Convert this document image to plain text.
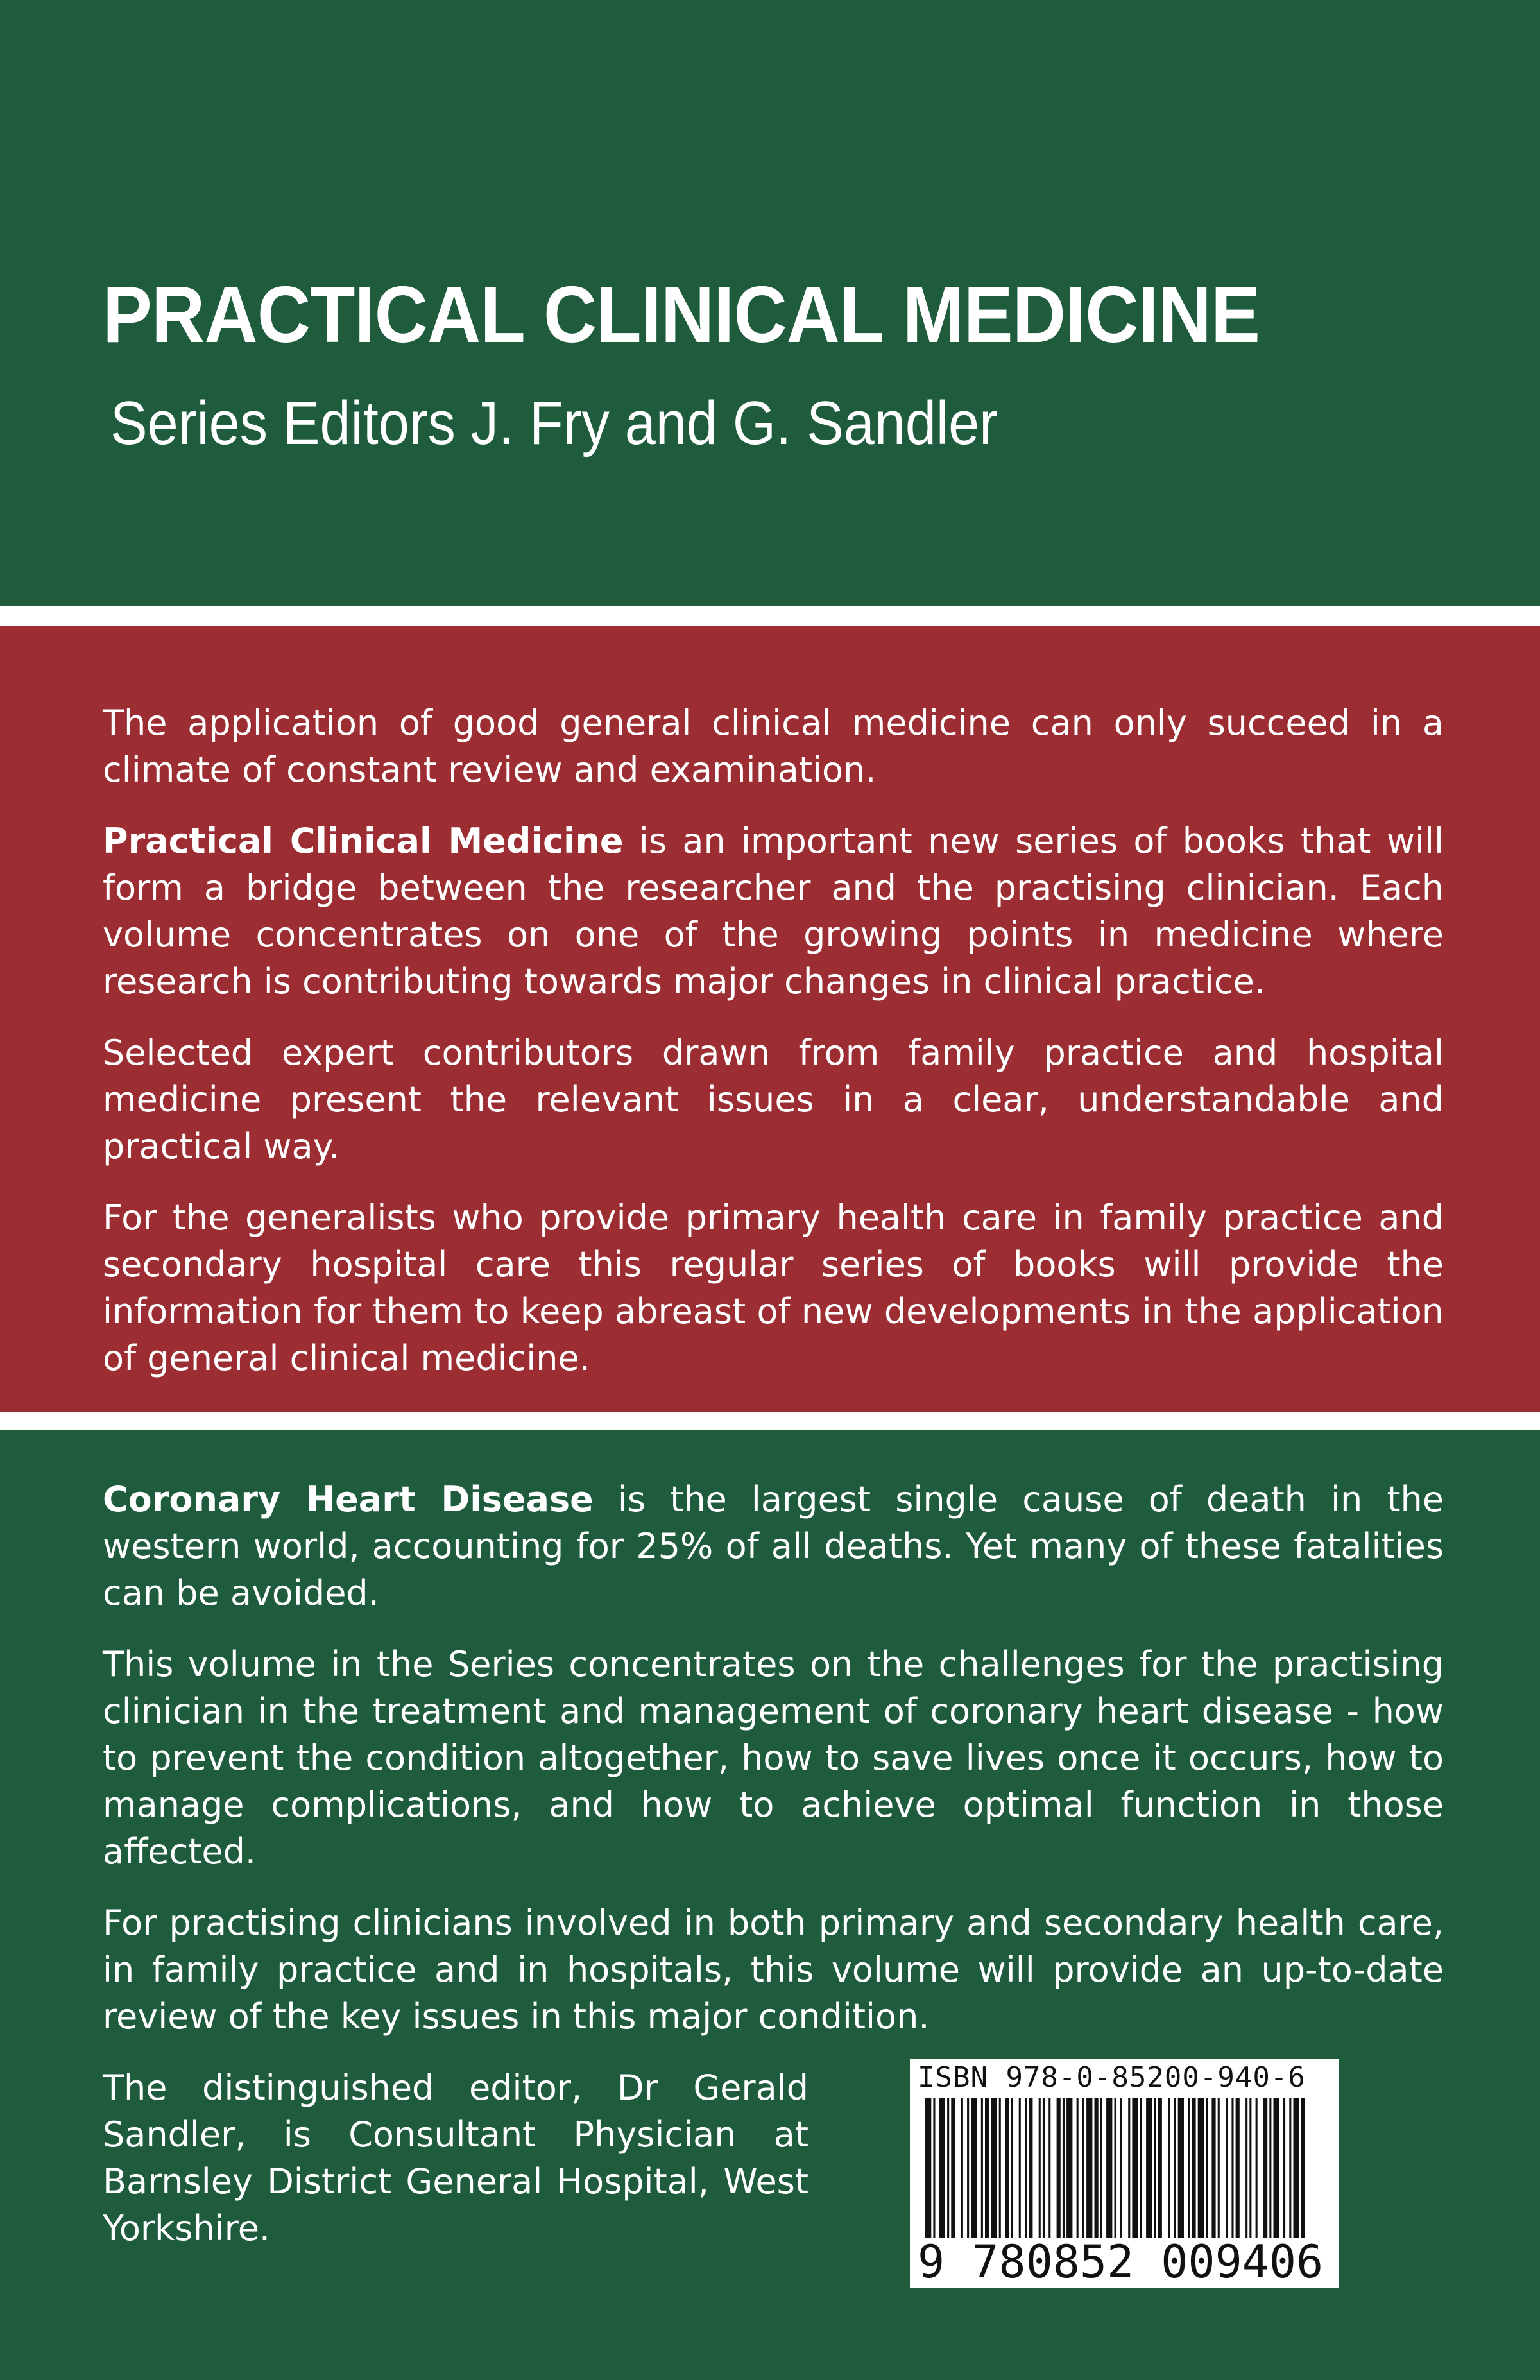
PRACTICAL CLINICAL MEDICINE
Series Editors J. Fry and G. Sandler

The application of good general clinical medicine can only succeed in a climate of constant review and examination.

Practical Clinical Medicine is an important new series of books that will form a bridge between the researcher and the practising clinician. Each volume concentrates on one of the growing points in medicine where research is contributing towards major changes in clinical practice.

Selected expert contributors drawn from family practice and hospital medicine present the relevant issues in a clear, understandable and practical way.

For the generalists who provide primary health care in family practice and secondary hospital care this regular series of books will provide the information for them to keep abreast of new developments in the application of general clinical medicine.

Coronary Heart Disease is the largest single cause of death in the western world, accounting for 25% of all deaths. Yet many of these fatalities can be avoided.

This volume in the Series concentrates on the challenges for the practising clinician in the treatment and management of coronary heart disease - how to prevent the condition altogether, how to save lives once it occurs, how to manage complications, and how to achieve optimal function in those affected.

For practising clinicians involved in both primary and secondary health care, in family practice and in hospitals, this volume will provide an up-to-date review of the key issues in this major condition.

The distinguished editor, Dr Gerald Sandler, is Consultant Physician at Barnsley District General Hospital, West Yorkshire.

ISBN 978-0-85200-940-6
9 780852 009406
